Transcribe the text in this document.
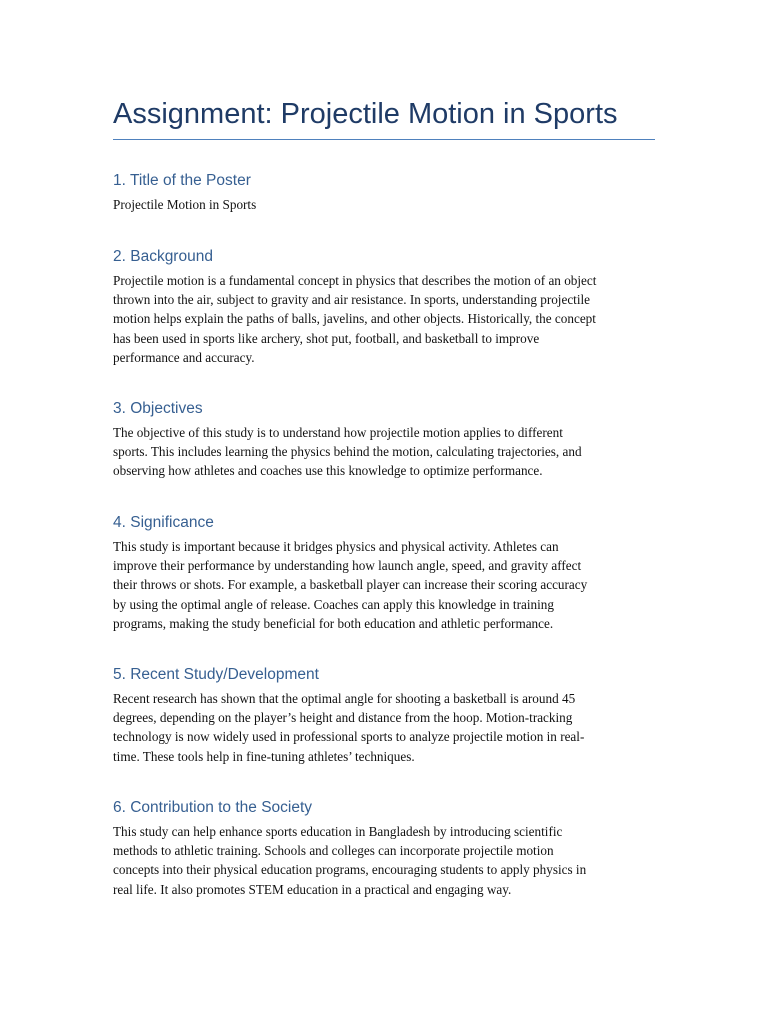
Assignment: Projectile Motion in Sports
1. Title of the Poster

Projectile Motion in Sports

2. Background

Projectile motion is a fundamental concept in physics that describes the motion of an object
thrown into the air, subject to gravity and air resistance. In sports, understanding projectile
motion helps explain the paths of balls, javelins, and other objects. Historically, the concept
has been used in sports like archery, shot put, football, and basketball to improve
performance and accuracy.

3. Objectives

The objective of this study is to understand how projectile motion applies to different
sports. This includes learning the physics behind the motion, calculating trajectories, and
observing how athletes and coaches use this knowledge to optimize performance.

4. Significance

This study is important because it bridges physics and physical activity. Athletes can
improve their performance by understanding how launch angle, speed, and gravity affect
their throws or shots. For example, a basketball player can increase their scoring accuracy
by using the optimal angle of release. Coaches can apply this knowledge in training
programs, making the study beneficial for both education and athletic performance.

5. Recent Study/Development

Recent research has shown that the optimal angle for shooting a basketball is around 45
degrees, depending on the player’s height and distance from the hoop. Motion-tracking
technology is now widely used in professional sports to analyze projectile motion in real-
time. These tools help in fine-tuning athletes’ techniques.

6. Contribution to the Society

This study can help enhance sports education in Bangladesh by introducing scientific
methods to athletic training. Schools and colleges can incorporate projectile motion
concepts into their physical education programs, encouraging students to apply physics in
real life. It also promotes STEM education in a practical and engaging way.
